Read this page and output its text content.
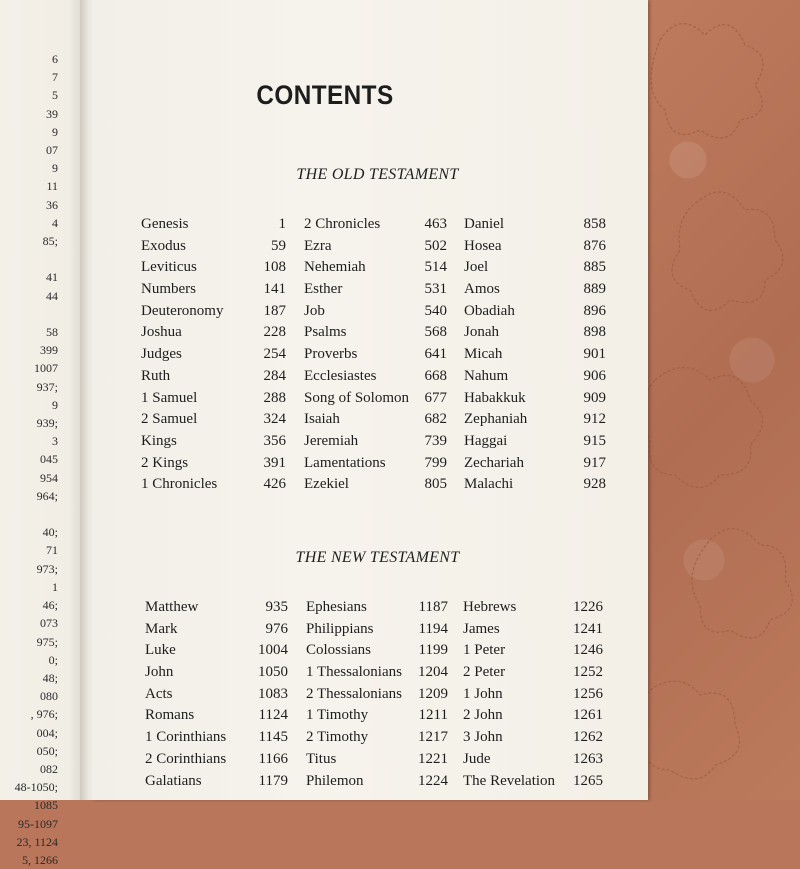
6
7
5
39
9
07
9
11
36
4
85;

41
44

58
399
1007
937;
9
939;
3
045
954
964;

40;
71
973;
1
46;
073
975;
0;
48;
080
, 976;
004;
050;
082
48-1050;
1085
95-1097
23, 1124
5, 1266
CONTENTS
THE OLD TESTAMENT
THE NEW TESTAMENT
Genesis	1
Exodus	59
Leviticus	108
Numbers	141
Deuteronomy	187
Joshua	228
Judges	254
Ruth	284
1 Samuel	288
2 Samuel	324
Kings	356
2 Kings	391
1 Chronicles	426
2 Chronicles	463
Ezra	502
Nehemiah	514
Esther	531
Job	540
Psalms	568
Proverbs	641
Ecclesiastes	668
Song of Solomon 677
Isaiah	682
Jeremiah	739
Lamentations	799
Ezekiel	805
Daniel	858
Hosea	876
Joel	885
Amos	889
Obadiah	896
Jonah	898
Micah	901
Nahum	906
Habakkuk	909
Zephaniah	912
Haggai	915
Zechariah	917
Malachi	928
Matthew	935
Mark	976
Luke	1004
John	1050
Acts	1083
Romans	1124
1 Corinthians 1145
2 Corinthians 1166
Galatians	1179
Ephesians	1187
Philippians	1194
Colossians	1199
1 Thessalonians 1204
2 Thessalonians 1209
1 Timothy	1211
2 Timothy	1217
Titus	1221
Philemon	1224
Hebrews	1226
James	1241
1 Peter	1246
2 Peter	1252
1 John	1256
2 John	1261
3 John	1262
Jude	1263
The Revelation 1265
